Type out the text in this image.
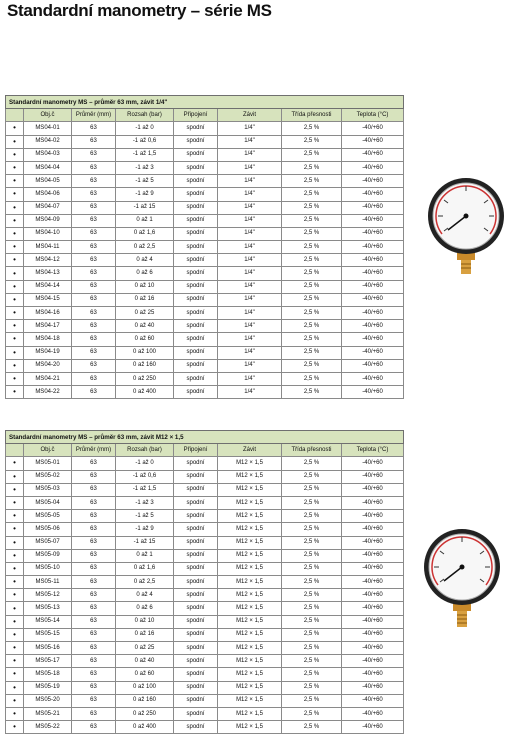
Standardní manometry – série MS
Standardní manometry MS – průměr 63 mm, závit 1/4"							
	Obj.č	Průměr (mm)	Rozsah (bar)	Připojení	Závit	Třída přesnosti	Teplota (°C)
•	MS04-01	63	-1 až 0	spodní	1/4"	2,5 %	-40/+60
•	MS04-02	63	-1 až 0,6	spodní	1/4"	2,5 %	-40/+60
•	MS04-03	63	-1 až 1,5	spodní	1/4"	2,5 %	-40/+60
•	MS04-04	63	-1 až 3	spodní	1/4"	2,5 %	-40/+60
•	MS04-05	63	-1 až 5	spodní	1/4"	2,5 %	-40/+60
•	MS04-06	63	-1 až 9	spodní	1/4"	2,5 %	-40/+60
•	MS04-07	63	-1 až 15	spodní	1/4"	2,5 %	-40/+60
•	MS04-09	63	0 až 1	spodní	1/4"	2,5 %	-40/+60
•	MS04-10	63	0 až 1,6	spodní	1/4"	2,5 %	-40/+60
•	MS04-11	63	0 až 2,5	spodní	1/4"	2,5 %	-40/+60
•	MS04-12	63	0 až 4	spodní	1/4"	2,5 %	-40/+60
•	MS04-13	63	0 až 6	spodní	1/4"	2,5 %	-40/+60
•	MS04-14	63	0 až 10	spodní	1/4"	2,5 %	-40/+60
•	MS04-15	63	0 až 16	spodní	1/4"	2,5 %	-40/+60
•	MS04-16	63	0 až 25	spodní	1/4"	2,5 %	-40/+60
•	MS04-17	63	0 až 40	spodní	1/4"	2,5 %	-40/+60
•	MS04-18	63	0 až 60	spodní	1/4"	2,5 %	-40/+60
•	MS04-19	63	0 až 100	spodní	1/4"	2,5 %	-40/+60
•	MS04-20	63	0 až 160	spodní	1/4"	2,5 %	-40/+60
•	MS04-21	63	0 až 250	spodní	1/4"	2,5 %	-40/+60
•	MS04-22	63	0 až 400	spodní	1/4"	2,5 %	-40/+60
Standardní manometry MS – průměr 63 mm, závit M12 × 1,5							
	Obj.č	Průměr (mm)	Rozsah (bar)	Připojení	Závit	Třída přesnosti	Teplota (°C)
•	MS05-01	63	-1 až 0	spodní	M12 × 1,5	2,5 %	-40/+60
•	MS05-02	63	-1 až 0,6	spodní	M12 × 1,5	2,5 %	-40/+60
•	MS05-03	63	-1 až 1,5	spodní	M12 × 1,5	2,5 %	-40/+60
•	MS05-04	63	-1 až 3	spodní	M12 × 1,5	2,5 %	-40/+60
•	MS05-05	63	-1 až 5	spodní	M12 × 1,5	2,5 %	-40/+60
•	MS05-06	63	-1 až 9	spodní	M12 × 1,5	2,5 %	-40/+60
•	MS05-07	63	-1 až 15	spodní	M12 × 1,5	2,5 %	-40/+60
•	MS05-09	63	0 až 1	spodní	M12 × 1,5	2,5 %	-40/+60
•	MS05-10	63	0 až 1,6	spodní	M12 × 1,5	2,5 %	-40/+60
•	MS05-11	63	0 až 2,5	spodní	M12 × 1,5	2,5 %	-40/+60
•	MS05-12	63	0 až 4	spodní	M12 × 1,5	2,5 %	-40/+60
•	MS05-13	63	0 až 6	spodní	M12 × 1,5	2,5 %	-40/+60
•	MS05-14	63	0 až 10	spodní	M12 × 1,5	2,5 %	-40/+60
•	MS05-15	63	0 až 16	spodní	M12 × 1,5	2,5 %	-40/+60
•	MS05-16	63	0 až 25	spodní	M12 × 1,5	2,5 %	-40/+60
•	MS05-17	63	0 až 40	spodní	M12 × 1,5	2,5 %	-40/+60
•	MS05-18	63	0 až 60	spodní	M12 × 1,5	2,5 %	-40/+60
•	MS05-19	63	0 až 100	spodní	M12 × 1,5	2,5 %	-40/+60
•	MS05-20	63	0 až 160	spodní	M12 × 1,5	2,5 %	-40/+60
•	MS05-21	63	0 až 250	spodní	M12 × 1,5	2,5 %	-40/+60
•	MS05-22	63	0 až 400	spodní	M12 × 1,5	2,5 %	-40/+60
